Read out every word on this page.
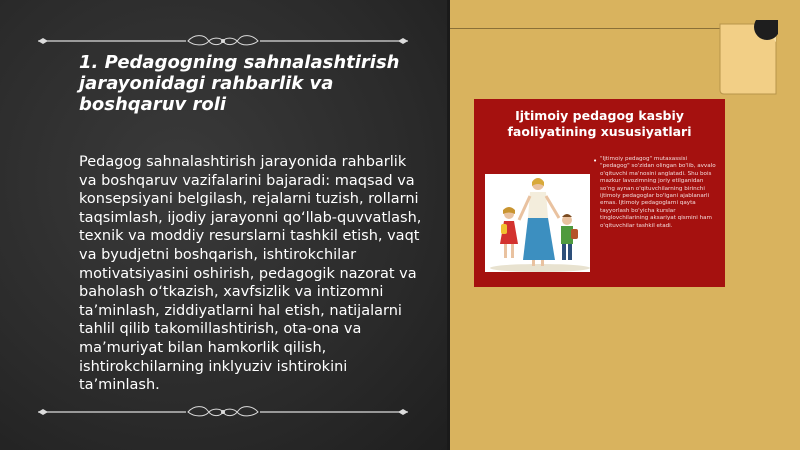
1. Pedagogning sahnalashtirish jarayonidagi rahbarlik va boshqaruv roli

Pedagog sahnalashtirish jarayonida rahbarlik va boshqaruv vazifalarini bajaradi: maqsad va konsepsiyani belgilash, rejalarni tuzish, rollarni taqsimlash, ijodiy jarayonni qo‘llab-quvvatlash, texnik va moddiy resurslarni tashkil etish, vaqt va byudjetni boshqarish, ishtirokchilar motivatsiyasini oshirish, pedagogik nazorat va baholash o‘tkazish, xavfsizlik va intizomni ta’minlash, ziddiyatlarni hal etish, natijalarni tahlil qilib takomillashtirish, ota-ona va ma’muriyat bilan hamkorlik qilish, ishtirokchilarning inklyuziv ishtirokini ta’minlash.

Ijtimoiy pedagog kasbiy
faoliyatining xususiyatlari
• "Ijtimoiy pedagog" mutaxassisi "pedagog" so'zidan olingan bo'lib, avvalo o'qituvchi ma'nosini anglatadi. Shu bois mazkur lavozimning joriy etilganidan so'ng aynan o'qituvchilarning birinchi ijtimoiy pedagoglar bo'lgani ajablanarli emas. Ijtimoiy pedagoglarni qayta tayyorlash bo'yicha kurslar tinglovchilarining aksariyat qismini ham o'qituvchilar tashkil etadi.
